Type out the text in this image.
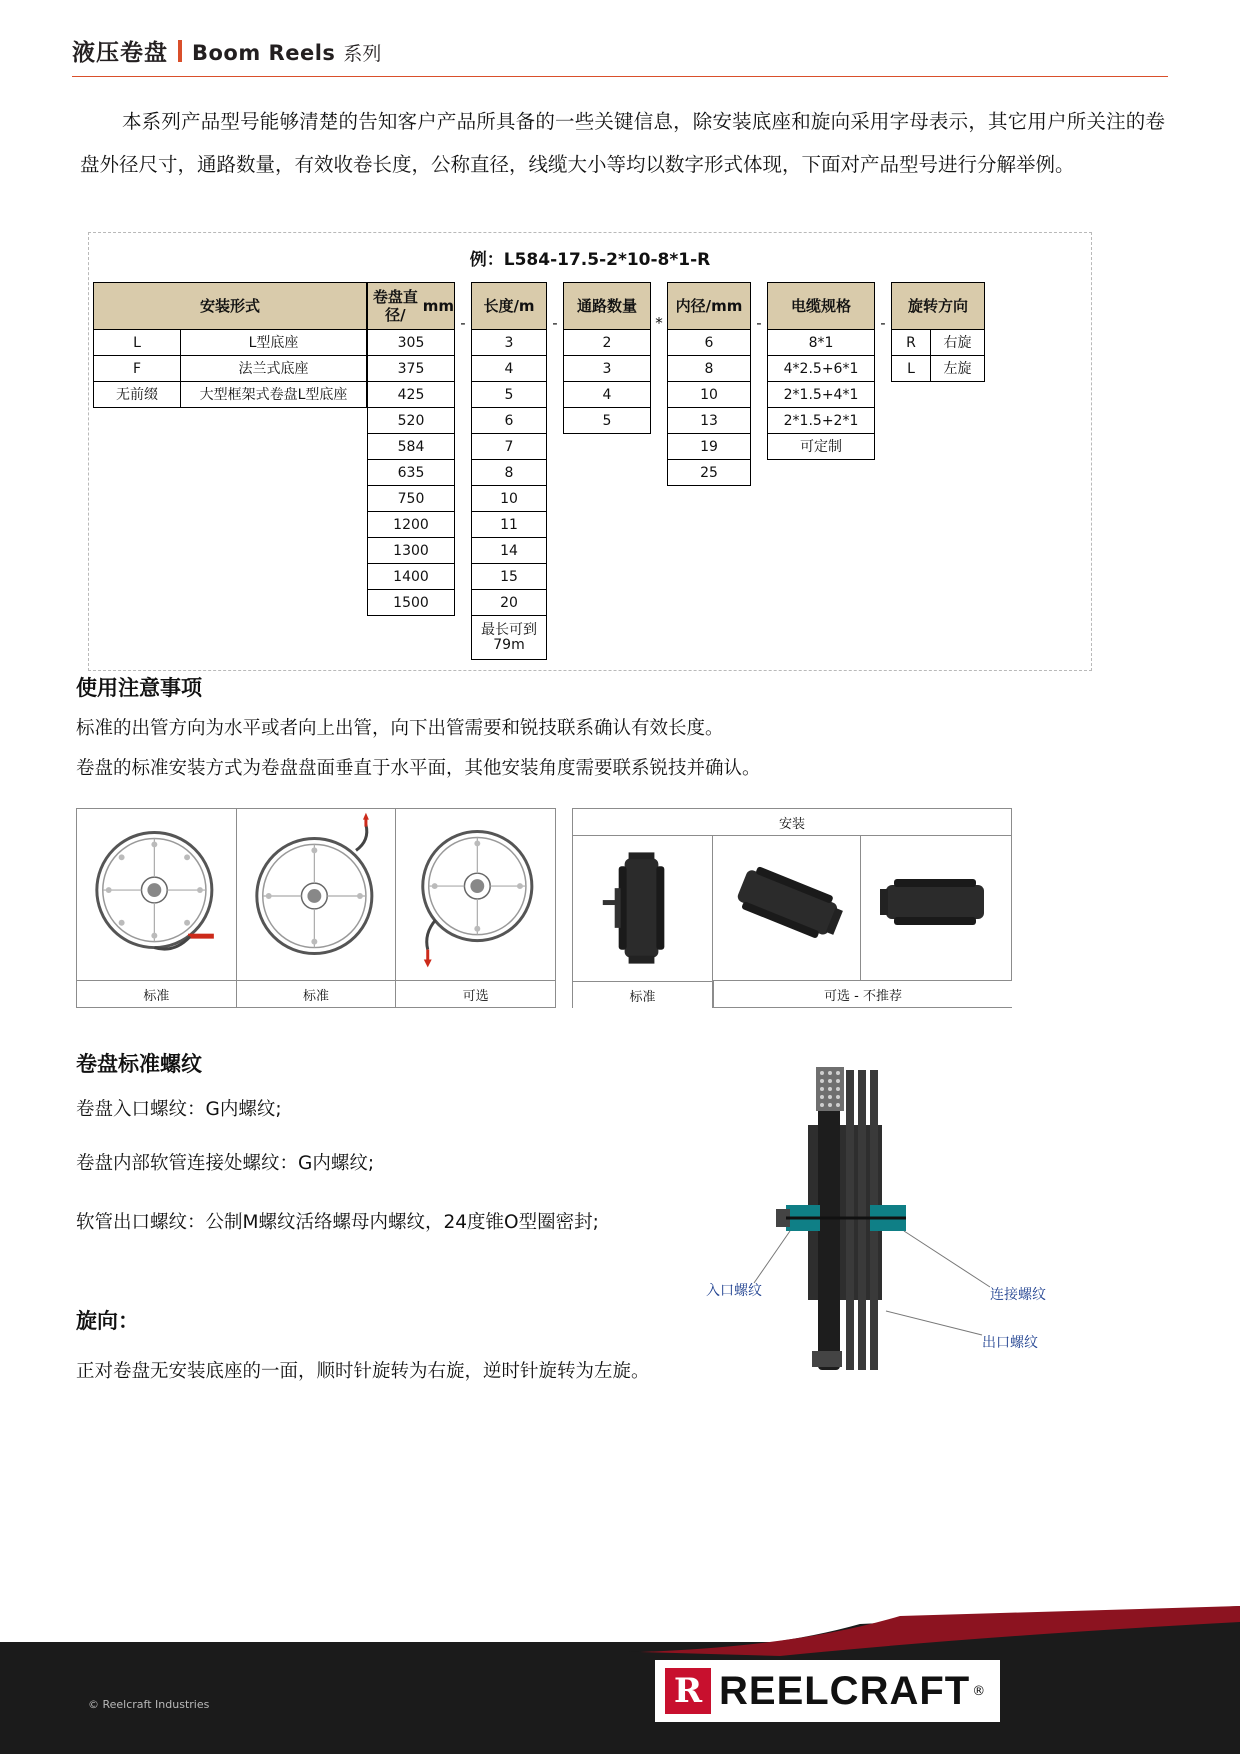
液压卷盘 Boom Reels 系列
本系列产品型号能够清楚的告知客户产品所具备的一些关键信息，除安装底座和旋向采用字母表示，其它用户所关注的卷盘外径尺寸，通路数量，有效收卷长度，公称直径，线缆大小等均以数字形式体现，下面对产品型号进行分解举例。
例：L584-17.5-2*10-8*1-R
安装形式
L	L型底座
F	法兰式底座
无前缀	大型框架式卷盘L型底座
卷盘直径/	mm
305
375
425
520
584
635
750
1200
1300
1400
1500
-
长度/m
3
4
5
6
7
8
10
11
14
15
20
最长可到
79m
-
通路数量
2
3
4
5
*
内径/mm
6
8
10
13
19
25
-
电缆规格
8*1
4*2.5+6*1
2*1.5+4*1
2*1.5+2*1
可定制
-
旋转方向
R	右旋
L	左旋
使用注意事项
标准的出管方向为水平或者向上出管，向下出管需要和锐技联系确认有效长度。
卷盘的标准安装方式为卷盘盘面垂直于水平面，其他安装角度需要联系锐技并确认。
标准	标准	可选
安装
标准	可选 - 不推荐
卷盘标准螺纹
卷盘入口螺纹：G内螺纹;
卷盘内部软管连接处螺纹：G内螺纹;
软管出口螺纹：公制M螺纹活络螺母内螺纹，24度锥O型圈密封;
旋向：
正对卷盘无安装底座的一面，顺时针旋转为右旋，逆时针旋转为左旋。
入口螺纹	连接螺纹
出口螺纹
© Reelcraft Industries	R REELCRAFT ®
